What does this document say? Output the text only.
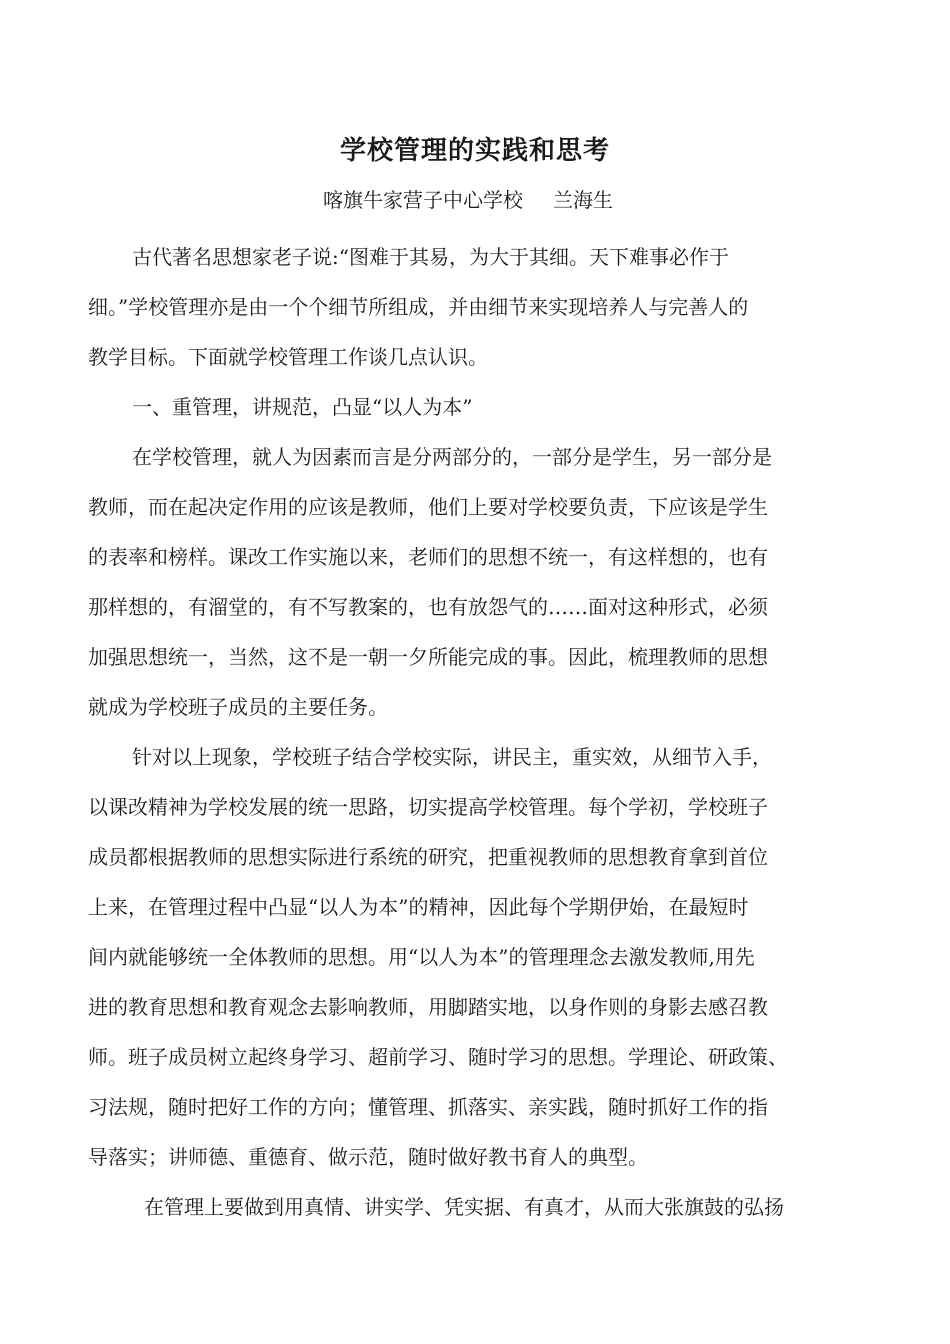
学校管理的实践和思考
喀旗牛家营子中心学校 兰海生
古代著名思想家老子说:“图难于其易，为大于其细。天下难事必作于
细。”学校管理亦是由一个个细节所组成，并由细节来实现培养人与完善人的
教学目标。下面就学校管理工作谈几点认识。
一、重管理，讲规范，凸显“以人为本”
在学校管理，就人为因素而言是分两部分的，一部分是学生，另一部分是
教师，而在起决定作用的应该是教师，他们上要对学校要负责，下应该是学生
的表率和榜样。课改工作实施以来，老师们的思想不统一，有这样想的，也有
那样想的，有溜堂的，有不写教案的，也有放怨气的……面对这种形式，必须
加强思想统一，当然，这不是一朝一夕所能完成的事。因此，梳理教师的思想
就成为学校班子成员的主要任务。
针对以上现象，学校班子结合学校实际，讲民主，重实效，从细节入手，
以课改精神为学校发展的统一思路，切实提高学校管理。每个学初，学校班子
成员都根据教师的思想实际进行系统的研究，把重视教师的思想教育拿到首位
上来，在管理过程中凸显“以人为本”的精神，因此每个学期伊始，在最短时
间内就能够统一全体教师的思想。用“以人为本”的管理理念去激发教师,用先
进的教育思想和教育观念去影响教师，用脚踏实地，以身作则的身影去感召教
师。班子成员树立起终身学习、超前学习、随时学习的思想。学理论、研政策、
习法规，随时把好工作的方向；懂管理、抓落实、亲实践，随时抓好工作的指
导落实；讲师德、重德育、做示范，随时做好教书育人的典型。
在管理上要做到用真情、讲实学、凭实据、有真才，从而大张旗鼓的弘扬
